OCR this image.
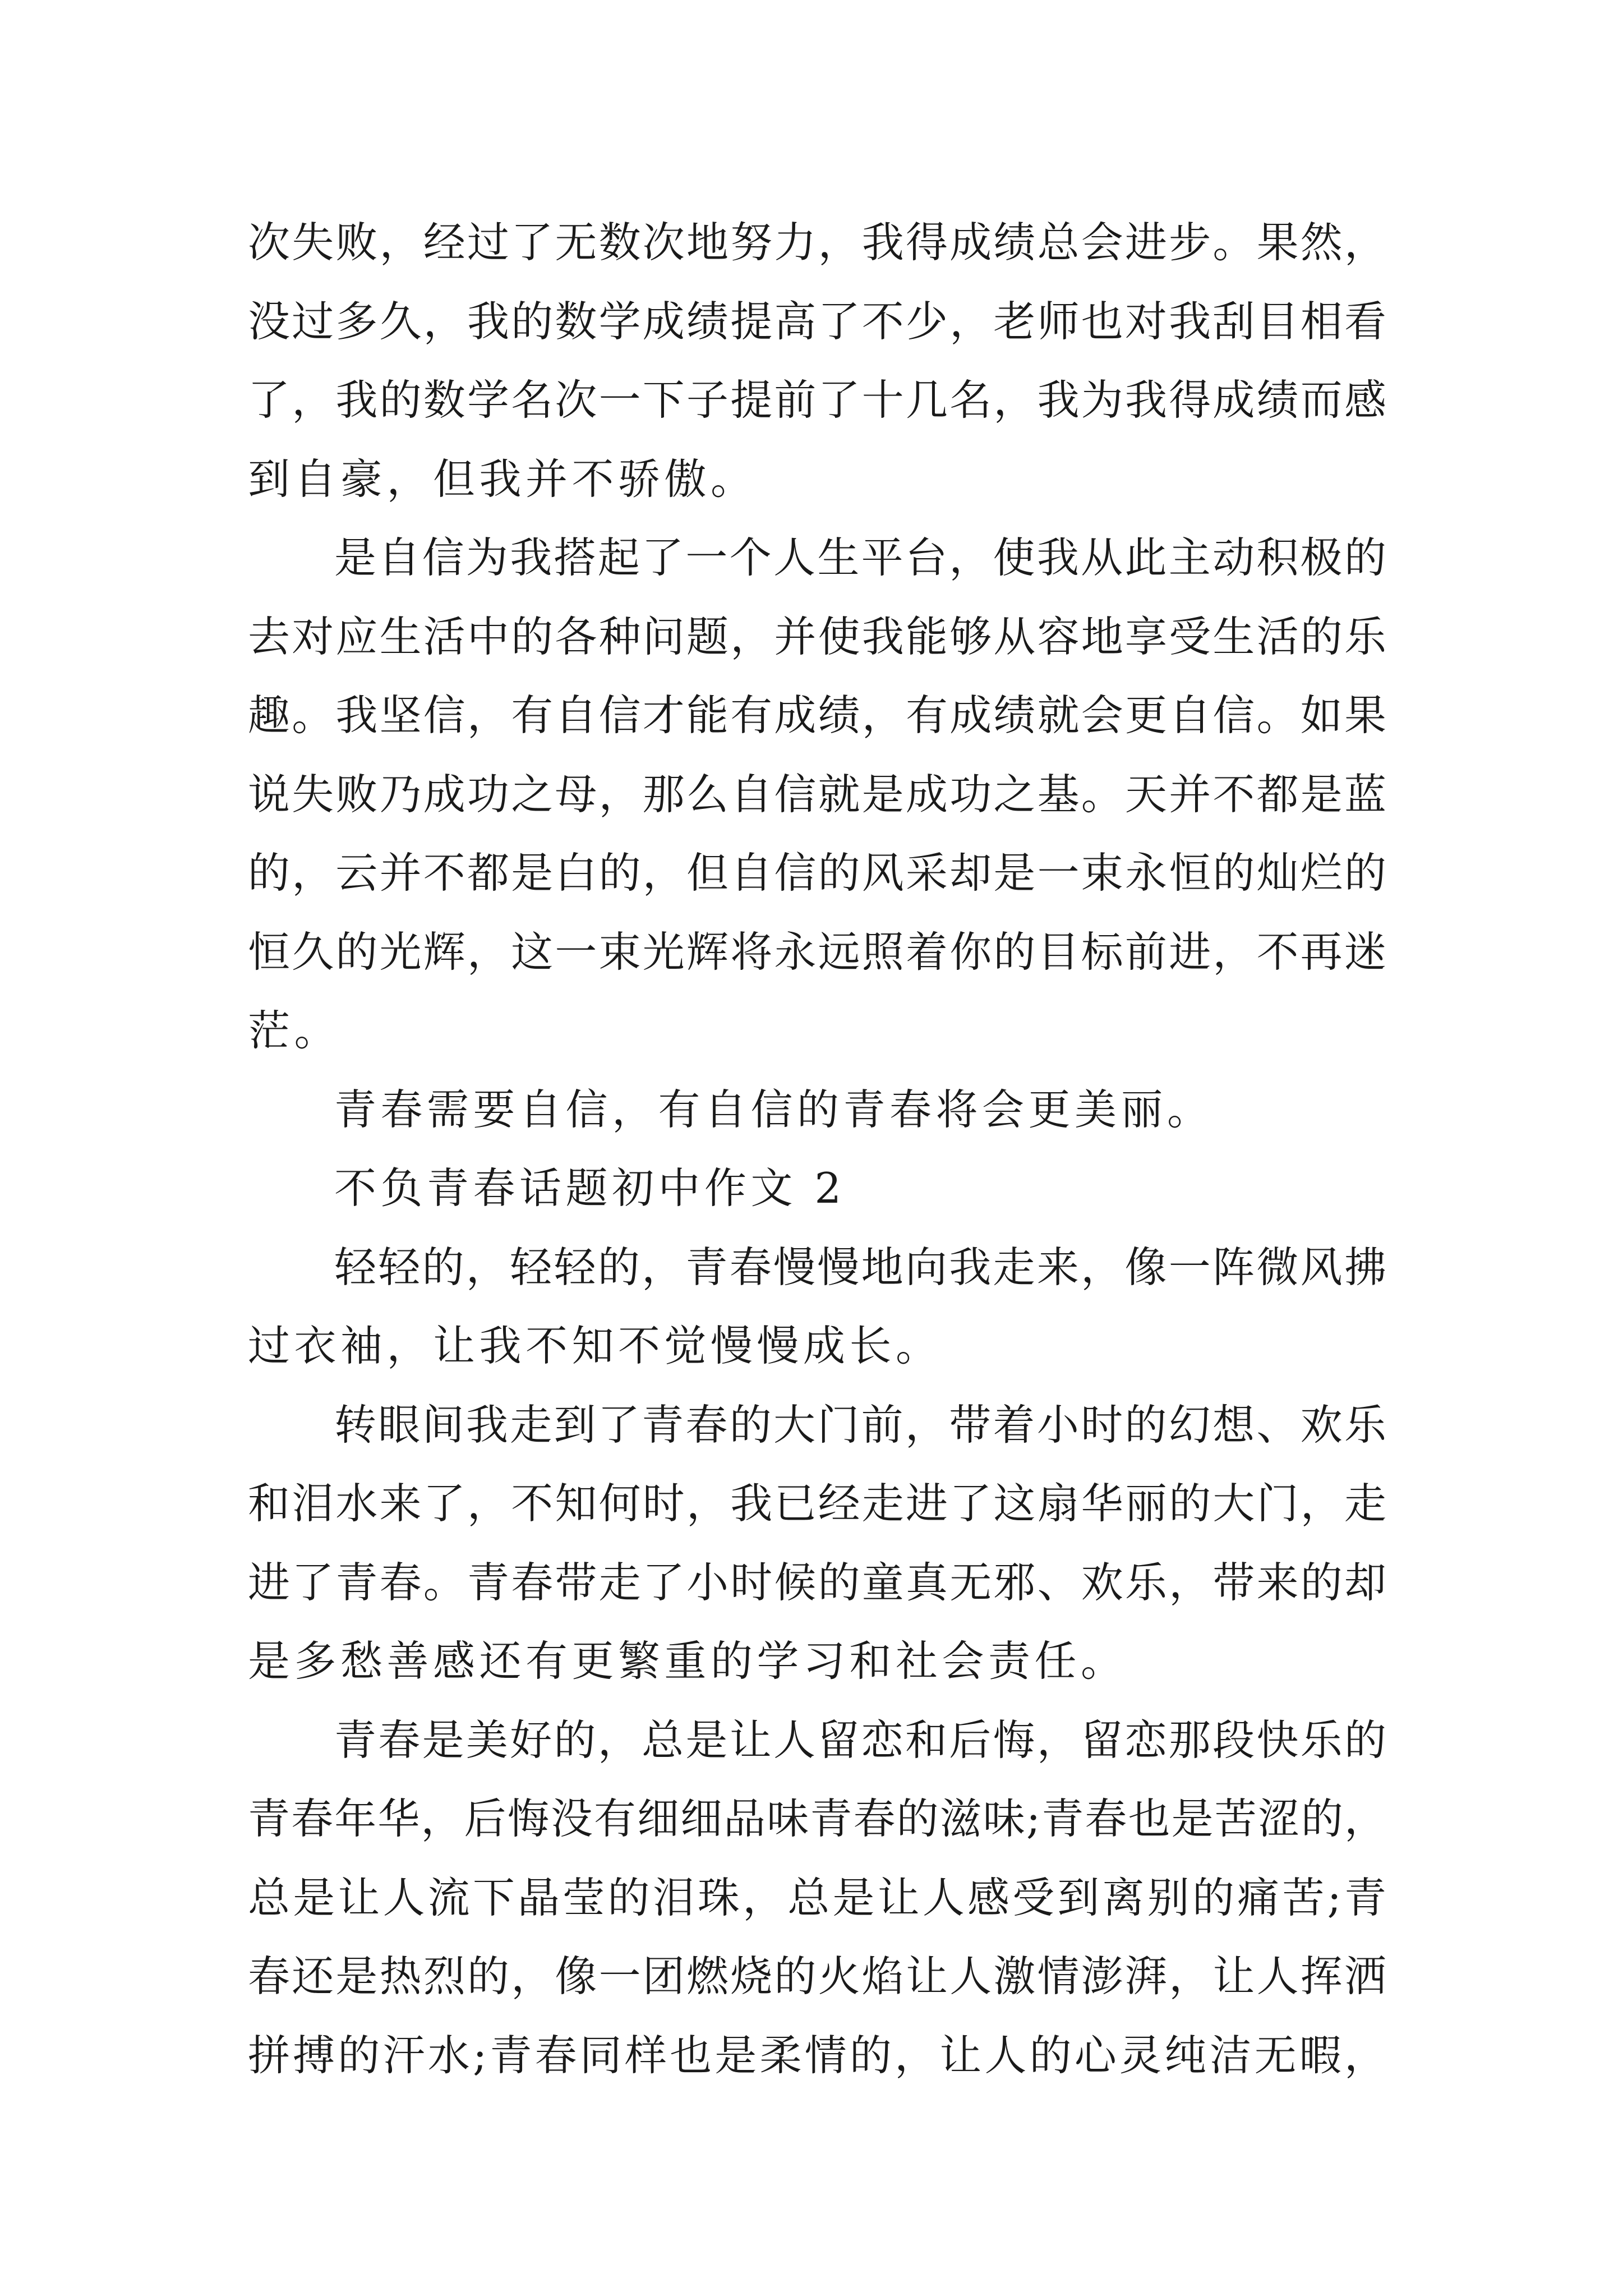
次失败，经过了无数次地努力，我得成绩总会进步。果然，
没过多久，我的数学成绩提高了不少，老师也对我刮目相看
了，我的数学名次一下子提前了十几名，我为我得成绩而感
到自豪，但我并不骄傲。
是自信为我搭起了一个人生平台，使我从此主动积极的
去对应生活中的各种问题，并使我能够从容地享受生活的乐
趣。我坚信，有自信才能有成绩，有成绩就会更自信。如果
说失败乃成功之母，那么自信就是成功之基。天并不都是蓝
的，云并不都是白的，但自信的风采却是一束永恒的灿烂的
恒久的光辉，这一束光辉将永远照着你的目标前进，不再迷
茫。
青春需要自信，有自信的青春将会更美丽。
不负青春话题初中作文 2
轻轻的，轻轻的，青春慢慢地向我走来，像一阵微风拂
过衣袖，让我不知不觉慢慢成长。
转眼间我走到了青春的大门前，带着小时的幻想、欢乐
和泪水来了，不知何时，我已经走进了这扇华丽的大门，走
进了青春。青春带走了小时候的童真无邪、欢乐，带来的却
是多愁善感还有更繁重的学习和社会责任。
青春是美好的，总是让人留恋和后悔，留恋那段快乐的
青春年华，后悔没有细细品味青春的滋味;青春也是苦涩的，
总是让人流下晶莹的泪珠，总是让人感受到离别的痛苦;青
春还是热烈的，像一团燃烧的火焰让人激情澎湃，让人挥洒
拼搏的汗水;青春同样也是柔情的，让人的心灵纯洁无暇，
